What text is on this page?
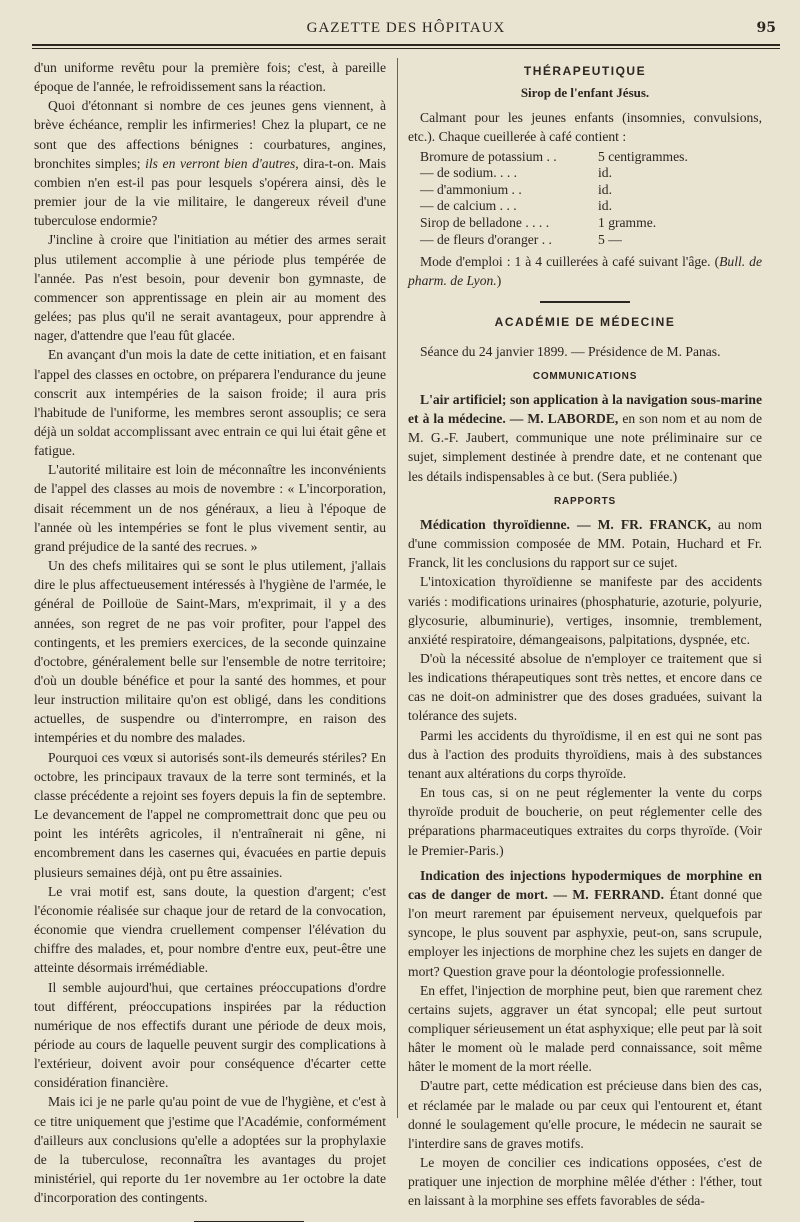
GAZETTE DES HÔPITAUX	95

d'un uniforme revêtu pour la première fois; c'est, à pareille époque de l'année, le refroidissement sans la réaction.

Quoi d'étonnant si nombre de ces jeunes gens viennent, à brève échéance, remplir les infirmeries! Chez la plupart, ce ne sont que des affections bénignes : courbatures, angines, bronchites simples; ils en verront bien d'autres, dira-t-on. Mais combien n'en est-il pas pour lesquels s'opérera ainsi, dès le premier jour de la vie militaire, le dangereux réveil d'une tuberculose endormie?

J'incline à croire que l'initiation au métier des armes serait plus utilement accomplie à une période plus tempérée de l'année. Pas n'est besoin, pour devenir bon gymnaste, de commencer son apprentissage en plein air au moment des gelées; pas plus qu'il ne serait avantageux, pour apprendre à nager, d'attendre que l'eau fût glacée.

En avançant d'un mois la date de cette initiation, et en faisant l'appel des classes en octobre, on préparera l'endurance du jeune conscrit aux intempéries de la saison froide; il aura pris l'habitude de l'uniforme, les membres seront assouplis; ce sera déjà un soldat accomplissant avec entrain ce qui lui était gêne et fatigue.

L'autorité militaire est loin de méconnaître les inconvénients de l'appel des classes au mois de novembre : « L'incorporation, disait récemment un de nos généraux, a lieu à l'époque de l'année où les intempéries se font le plus vivement sentir, au grand préjudice de la santé des recrues. »

Un des chefs militaires qui se sont le plus utilement, j'allais dire le plus affectueusement intéressés à l'hygiène de l'armée, le général de Poilloüe de Saint-Mars, m'exprimait, il y a des années, son regret de ne pas voir profiter, pour l'appel des contingents, et les premiers exercices, de la seconde quinzaine d'octobre, généralement belle sur l'ensemble de notre territoire; d'où un double bénéfice et pour la santé des hommes, et pour leur instruction militaire qu'on est obligé, dans les conditions actuelles, de suspendre ou d'interrompre, en raison des intempéries et du nombre des malades.

Pourquoi ces vœux si autorisés sont-ils demeurés stériles? En octobre, les principaux travaux de la terre sont terminés, et la classe précédente a rejoint ses foyers depuis la fin de septembre. Le devancement de l'appel ne compromettrait donc que peu ou point les intérêts agricoles, il n'entraînerait ni gêne, ni encombrement dans les casernes qui, évacuées en partie depuis plusieurs semaines déjà, ont pu être assainies.

Le vrai motif est, sans doute, la question d'argent; c'est l'économie réalisée sur chaque jour de retard de la convocation, économie que viendra cruellement compenser l'élévation du chiffre des malades, et, pour nombre d'entre eux, peut-être une atteinte désormais irrémédiable.

Il semble aujourd'hui, que certaines préoccupations d'ordre tout différent, préoccupations inspirées par la réduction numérique de nos effectifs durant une période de deux mois, période au cours de laquelle peuvent surgir des complications à l'extérieur, doivent avoir pour conséquence d'écarter cette considération financière.

Mais ici je ne parle qu'au point de vue de l'hygiène, et c'est à ce titre uniquement que j'estime que l'Académie, conformément d'ailleurs aux conclusions qu'elle a adoptées sur la prophylaxie de la tuberculose, reconnaîtra les avantages du projet ministériel, qui reporte du 1er novembre au 1er octobre la date d'incorporation des contingents.

THÉRAPEUTIQUE
Sirop de l'enfant Jésus.

Calmant pour les jeunes enfants (insomnies, convulsions, etc.). Chaque cueillerée à café contient :

Bromure de potassium . .	5 centigrammes.
— de sodium. . . .	id.
— d'ammonium . .	id.
— de calcium . . .	id.
Sirop de belladone . . . .	1 gramme.
— de fleurs d'oranger . .	5 —

Mode d'emploi : 1 à 4 cuillerées à café suivant l'âge. (Bull. de pharm. de Lyon.)

ACADÉMIE DE MÉDECINE

Séance du 24 janvier 1899. — Présidence de M. Panas.

COMMUNICATIONS

L'air artificiel; son application à la navigation sous-marine et à la médecine. — M. LABORDE, en son nom et au nom de M. G.-F. Jaubert, communique une note préliminaire sur ce sujet, simplement destinée à prendre date, et ne contenant que les détails indispensables à ce but. (Sera publiée.)

RAPPORTS

Médication thyroïdienne. — M. FR. FRANCK, au nom d'une commission composée de MM. Potain, Huchard et Fr. Franck, lit les conclusions du rapport sur ce sujet.

L'intoxication thyroïdienne se manifeste par des accidents variés : modifications urinaires (phosphaturie, azoturie, polyurie, glycosurie, albuminurie), vertiges, insomnie, tremblement, anxiété respiratoire, démangeaisons, palpitations, dyspnée, etc.

D'où la nécessité absolue de n'employer ce traitement que si les indications thérapeutiques sont très nettes, et encore dans ce cas ne doit-on administrer que des doses graduées, suivant la tolérance des sujets.

Parmi les accidents du thyroïdisme, il en est qui ne sont pas dus à l'action des produits thyroïdiens, mais à des substances tenant aux altérations du corps thyroïde.

En tous cas, si on ne peut réglementer la vente du corps thyroïde produit de boucherie, on peut réglementer celle des préparations pharmaceutiques extraites du corps thyroïde. (Voir le Premier-Paris.)

Indication des injections hypodermiques de morphine en cas de danger de mort. — M. FERRAND. Étant donné que l'on meurt rarement par épuisement nerveux, quelquefois par syncope, le plus souvent par asphyxie, peut-on, sans scrupule, employer les injections de morphine chez les sujets en danger de mort? Question grave pour la déontologie professionnelle.

En effet, l'injection de morphine peut, bien que rarement chez certains sujets, aggraver un état syncopal; elle peut surtout compliquer sérieusement un état asphyxique; elle peut par là soit hâter le moment où le malade perd connaissance, soit même hâter le moment de la mort réelle.

D'autre part, cette médication est précieuse dans bien des cas, et réclamée par le malade ou par ceux qui l'entourent et, étant donné le soulagement qu'elle procure, le médecin ne saurait se l'interdire sans de graves motifs.

Le moyen de concilier ces indications opposées, c'est de pratiquer une injection de morphine mêlée d'éther : l'éther, tout en laissant à la morphine ses effets favorables de séda-
